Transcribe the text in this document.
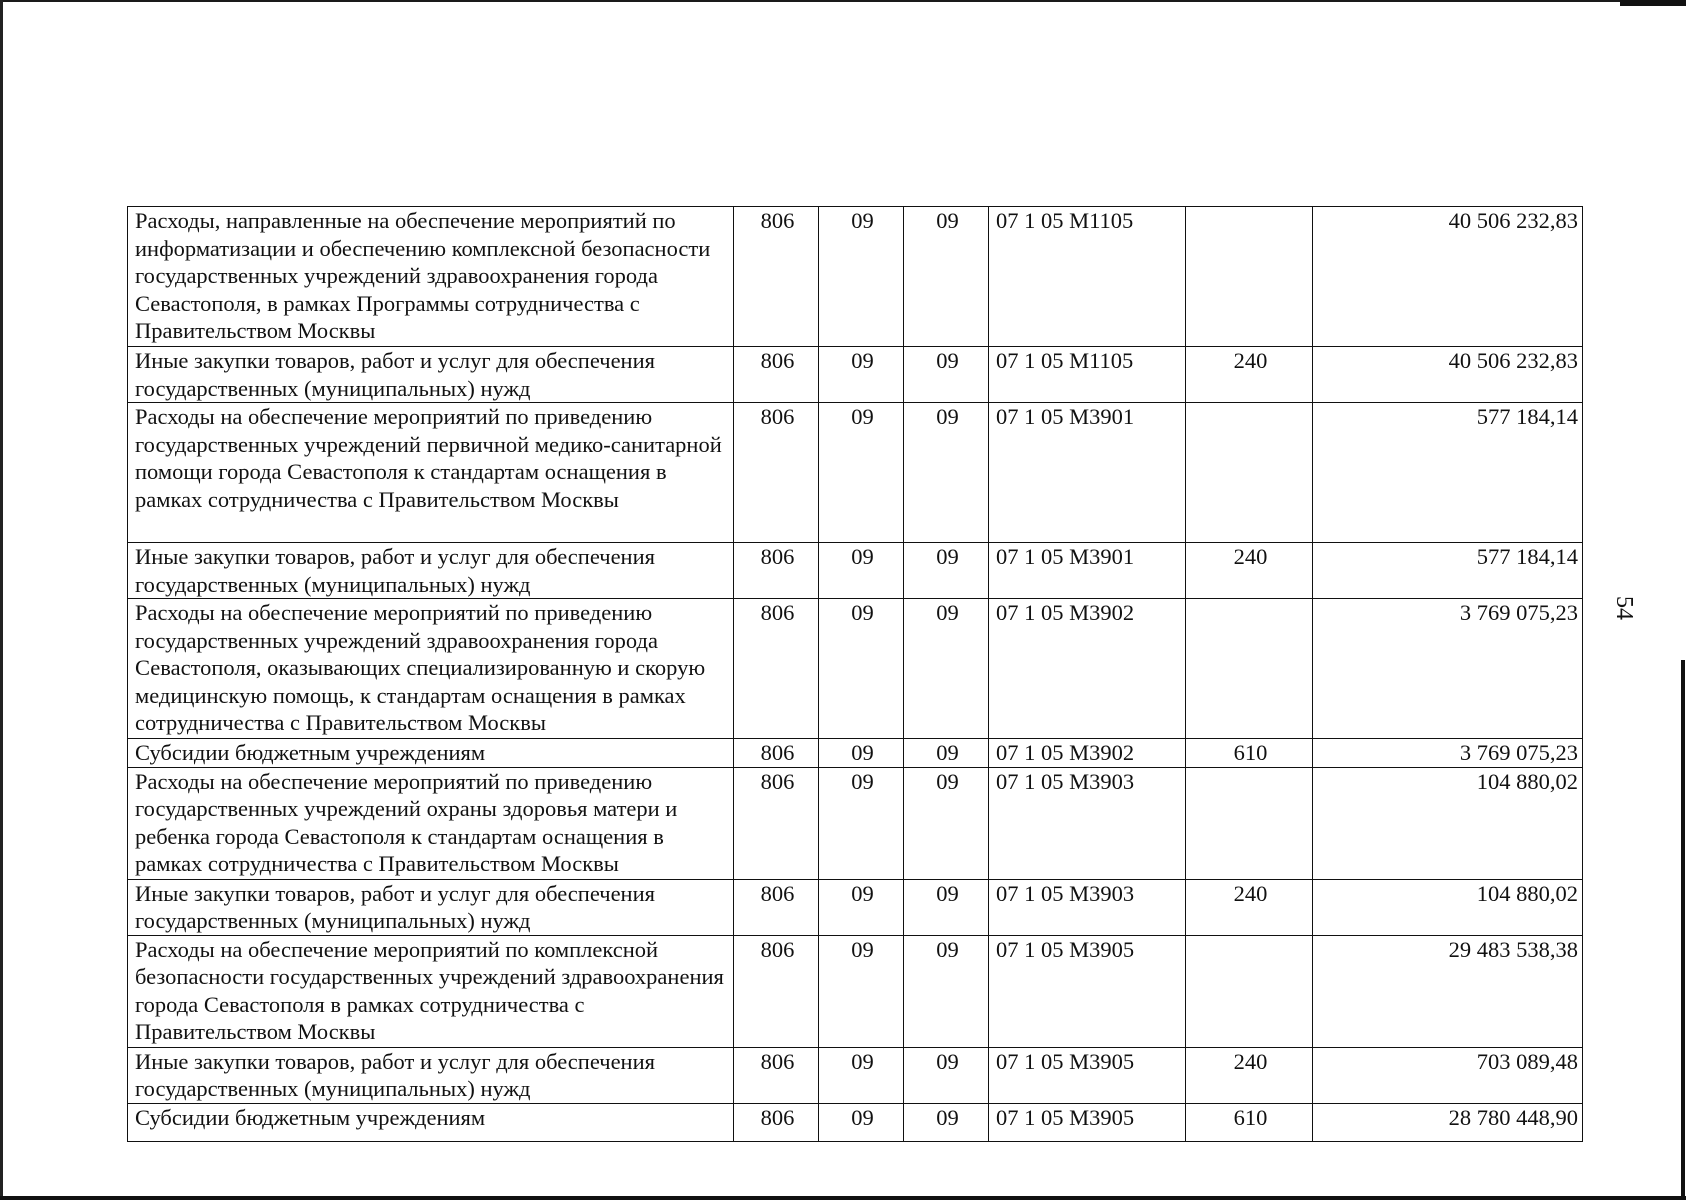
54
Расходы, направленные на обеспечение мероприятий по информатизации и обеспечению комплексной безопасности государственных учреждений здравоохранения города Севастополя, в рамках Программы сотрудничества с Правительством Москвы	806	09	09	07 1 05 M1105		40 506 232,83
Иные закупки товаров, работ и услуг для обеспечения государственных (муниципальных) нужд	806	09	09	07 1 05 M1105	240	40 506 232,83
Расходы на обеспечение мероприятий по приведению государственных учреждений первичной медико-санитарной помощи города Севастополя к стандартам оснащения в рамках сотрудничества с Правительством Москвы	806	09	09	07 1 05 M3901		577 184,14
Иные закупки товаров, работ и услуг для обеспечения государственных (муниципальных) нужд	806	09	09	07 1 05 M3901	240	577 184,14
Расходы на обеспечение мероприятий по приведению государственных учреждений здравоохранения города Севастополя, оказывающих специализированную и скорую медицинскую помощь, к стандартам оснащения в рамках сотрудничества с Правительством Москвы	806	09	09	07 1 05 M3902		3 769 075,23
Субсидии бюджетным учреждениям	806	09	09	07 1 05 M3902	610	3 769 075,23
Расходы на обеспечение мероприятий по приведению государственных учреждений охраны здоровья матери и ребенка города Севастополя к стандартам оснащения в рамках сотрудничества с Правительством Москвы	806	09	09	07 1 05 M3903		104 880,02
Иные закупки товаров, работ и услуг для обеспечения государственных (муниципальных) нужд	806	09	09	07 1 05 M3903	240	104 880,02
Расходы на обеспечение мероприятий по комплексной безопасности государственных учреждений здравоохранения города Севастополя в рамках сотрудничества с Правительством Москвы	806	09	09	07 1 05 M3905		29 483 538,38
Иные закупки товаров, работ и услуг для обеспечения государственных (муниципальных) нужд	806	09	09	07 1 05 M3905	240	703 089,48
Субсидии бюджетным учреждениям	806	09	09	07 1 05 M3905	610	28 780 448,90
